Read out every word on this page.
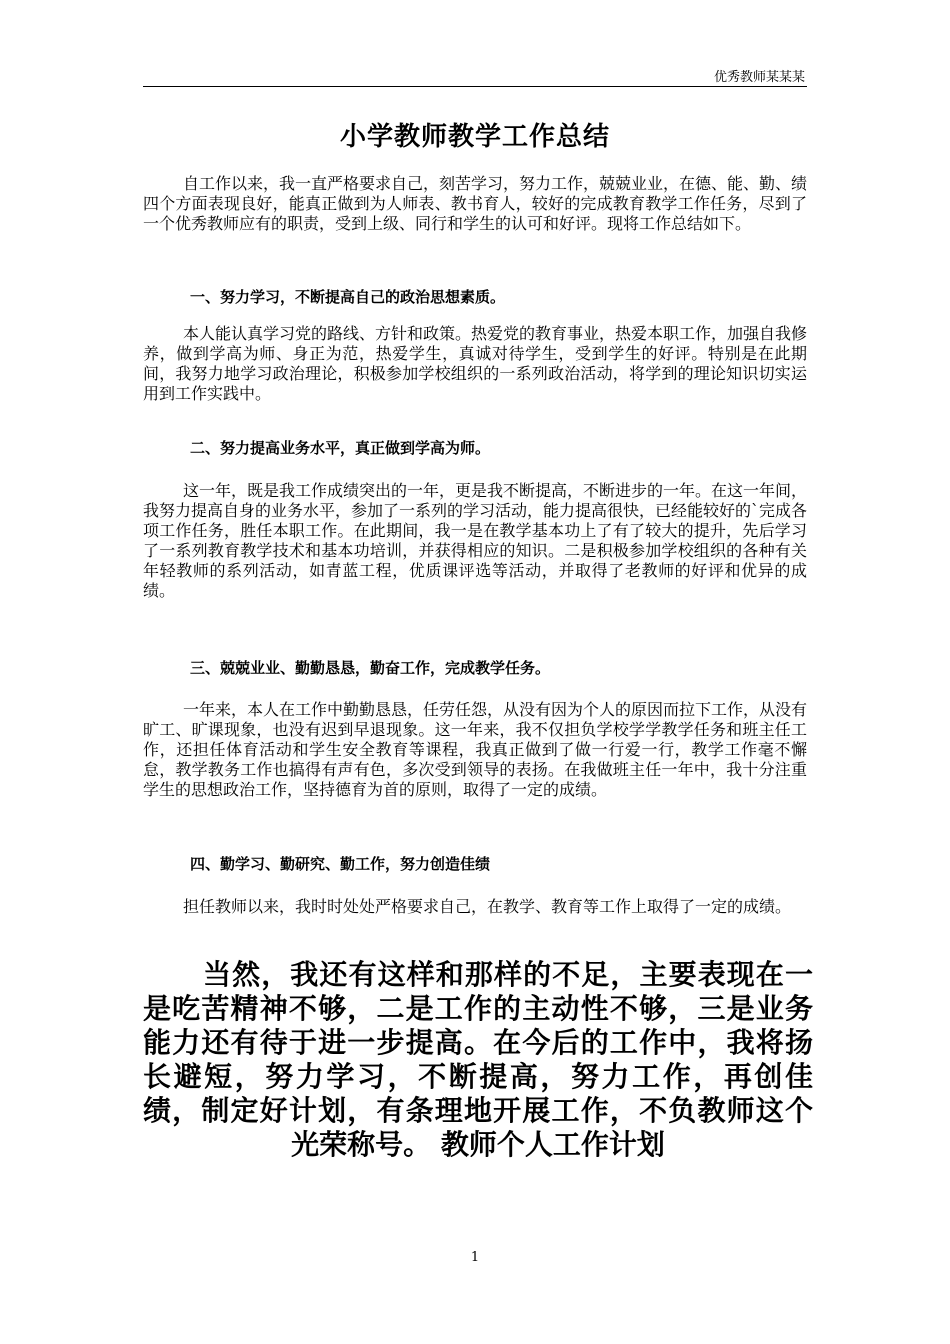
优秀教师某某某
小学教师教学工作总结

自工作以来，我一直严格要求自己，刻苦学习，努力工作，兢兢业业，在德、能、勤、绩四个方面表现良好，能真正做到为人师表、教书育人，较好的完成教育教学工作任务，尽到了一个优秀教师应有的职责，受到上级、同行和学生的认可和好评。现将工作总结如下。

一、努力学习，不断提高自己的政治思想素质。

本人能认真学习党的路线、方针和政策。热爱党的教育事业，热爱本职工作，加强自我修养，做到学高为师、身正为范，热爱学生，真诚对待学生，受到学生的好评。特别是在此期间，我努力地学习政治理论，积极参加学校组织的一系列政治活动，将学到的理论知识切实运用到工作实践中。

二、努力提高业务水平，真正做到学高为师。

这一年，既是我工作成绩突出的一年，更是我不断提高，不断进步的一年。在这一年间，我努力提高自身的业务水平，参加了一系列的学习活动，能力提高很快，已经能较好的`完成各项工作任务，胜任本职工作。在此期间，我一是在教学基本功上了有了较大的提升，先后学习了一系列教育教学技术和基本功培训，并获得相应的知识。二是积极参加学校组织的各种有关年轻教师的系列活动，如青蓝工程，优质课评选等活动，并取得了老教师的好评和优异的成绩。

三、兢兢业业、勤勤恳恳，勤奋工作，完成教学任务。

一年来，本人在工作中勤勤恳恳，任劳任怨，从没有因为个人的原因而拉下工作，从没有旷工、旷课现象，也没有迟到早退现象。这一年来，我不仅担负学校学学教学任务和班主任工作，还担任体育活动和学生安全教育等课程，我真正做到了做一行爱一行，教学工作毫不懈怠，教学教务工作也搞得有声有色，多次受到领导的表扬。在我做班主任一年中，我十分注重学生的思想政治工作，坚持德育为首的原则，取得了一定的成绩。

四、勤学习、勤研究、勤工作，努力创造佳绩

担任教师以来，我时时处处严格要求自己，在教学、教育等工作上取得了一定的成绩。

当然，我还有这样和那样的不足，主要表现在一是吃苦精神不够，二是工作的主动性不够，三是业务能力还有待于进一步提高。在今后的工作中，我将扬长避短，努力学习，不断提高，努力工作，再创佳绩，制定好计划，有条理地开展工作，不负教师这个光荣称号。 教师个人工作计划

1
